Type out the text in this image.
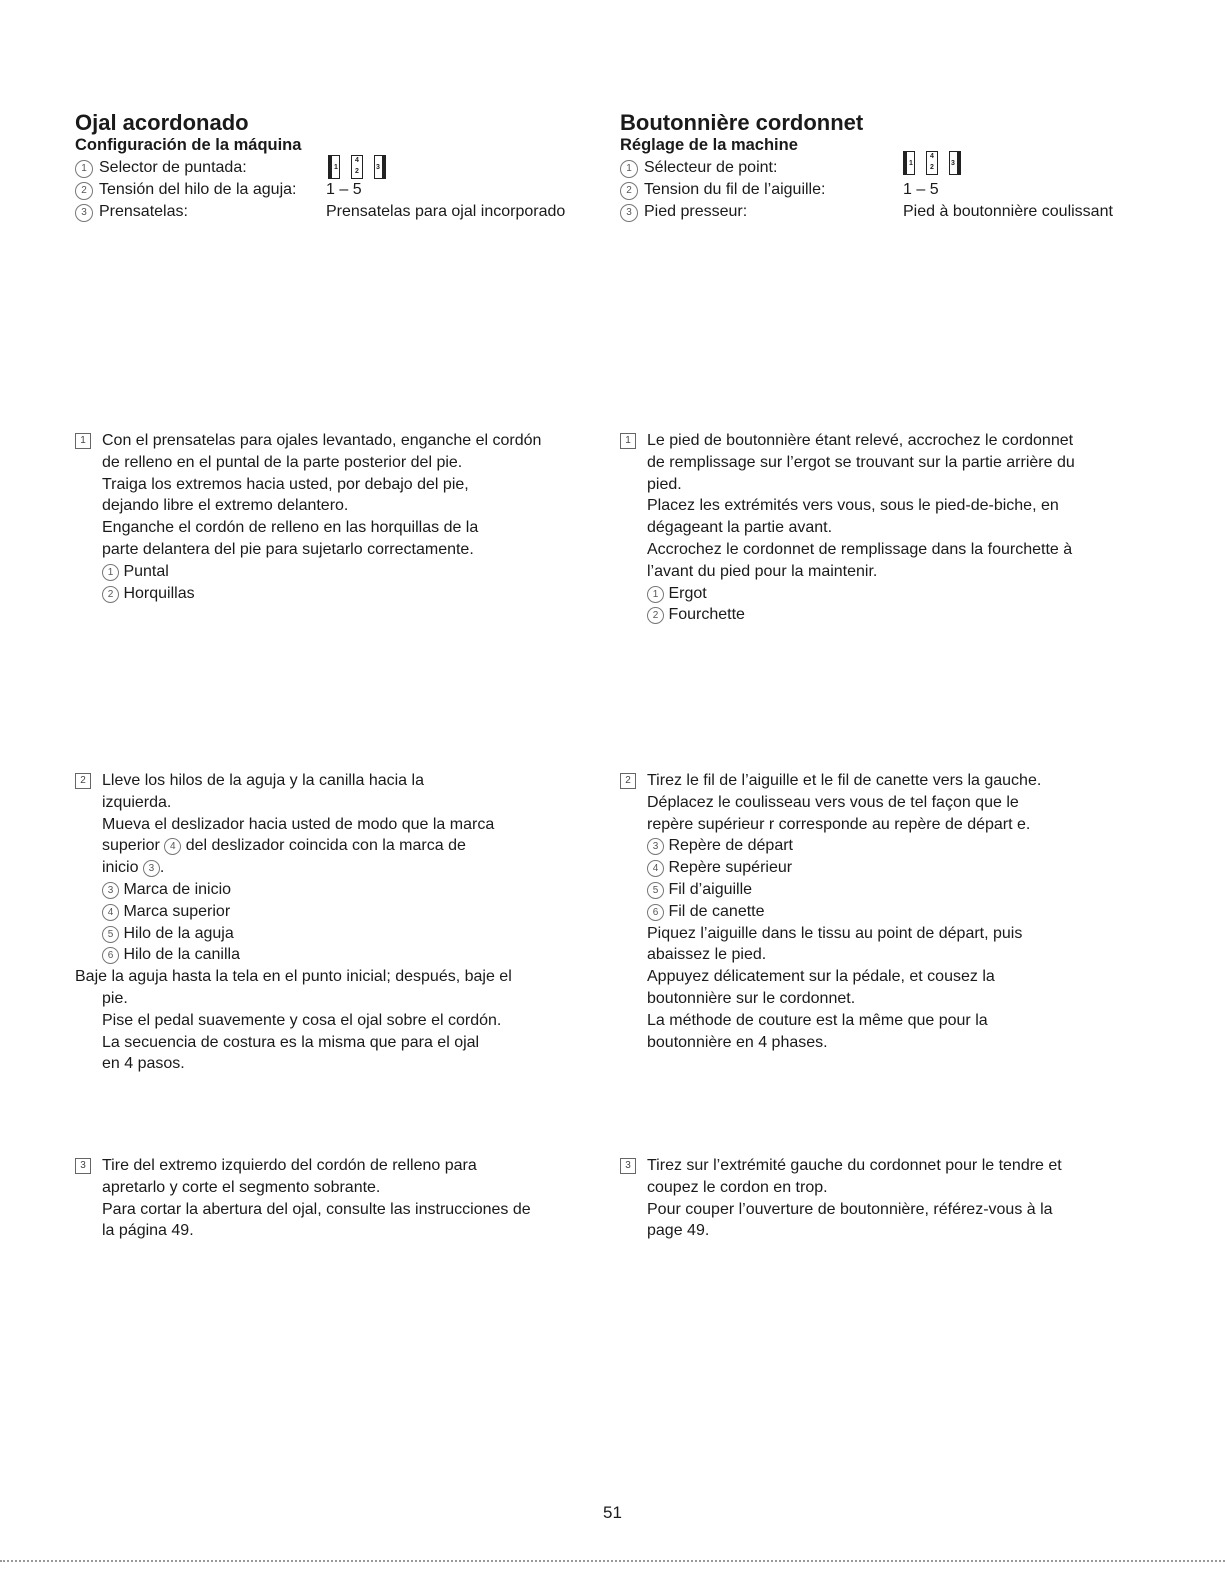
Ojal acordonado
Configuración de la máquina
1
4
2
3
1 Selector de puntada:
2 Tensión del hilo de la aguja: 1 – 5
3 Prensatelas:	Prensatelas para ojal incorporado
1	Con el prensatelas para ojales levantado, enganche el cordón

de relleno en el puntal de la parte posterior del pie.

Traiga los extremos hacia usted, por debajo del pie,

dejando libre el extremo delantero.

Enganche el cordón de relleno en las horquillas de la

parte delantera del pie para sujetarlo correctamente.

1 Puntal

2 Horquillas

2	Lleve los hilos de la aguja y la canilla hacia la

izquierda.

Mueva el deslizador hacia usted de modo que la marca

superior 4 del deslizador coincida con la marca de

inicio 3 .

3 Marca de inicio

4 Marca superior

5 Hilo de la aguja

6 Hilo de la canilla

Baje la aguja hasta la tela en el punto inicial; después, baje el

pie.

Pise el pedal suavemente y cosa el ojal sobre el cordón.

La secuencia de costura es la misma que para el ojal

en 4 pasos.

3	Tire del extremo izquierdo del cordón de relleno para

apretarlo y corte el segmento sobrante.

Para cortar la abertura del ojal, consulte las instrucciones de

la página 49.

Boutonnière cordonnet
Réglage de la machine
1
4
2
3
1 Sélecteur de point:
2 Tension du fil de l’aiguille:	1 – 5
3 Pied presseur:	Pied à boutonnière coulissant
1	Le pied de boutonnière étant relevé, accrochez le cordonnet

de remplissage sur l’ergot se trouvant sur la partie arrière du

pied.

Placez les extrémités vers vous, sous le pied-de-biche, en

dégageant la partie avant.

Accrochez le cordonnet de remplissage dans la fourchette à

l’avant du pied pour la maintenir.

1 Ergot

2 Fourchette

2	Tirez le fil de l’aiguille et le fil de canette vers la gauche.

Déplacez le coulisseau vers vous de tel façon que le

repère supérieur r corresponde au repère de départ e.

3 Repère de départ

4 Repère supérieur

5 Fil d’aiguille

6 Fil de canette

Piquez l’aiguille dans le tissu au point de départ, puis

abaissez le pied.

Appuyez délicatement sur la pédale, et cousez la

boutonnière sur le cordonnet.

La méthode de couture est la même que pour la

boutonnière en 4 phases.

3	Tirez sur l’extrémité gauche du cordonnet pour le tendre et

coupez le cordon en trop.

Pour couper l’ouverture de boutonnière, référez-vous à la

page 49.

51
